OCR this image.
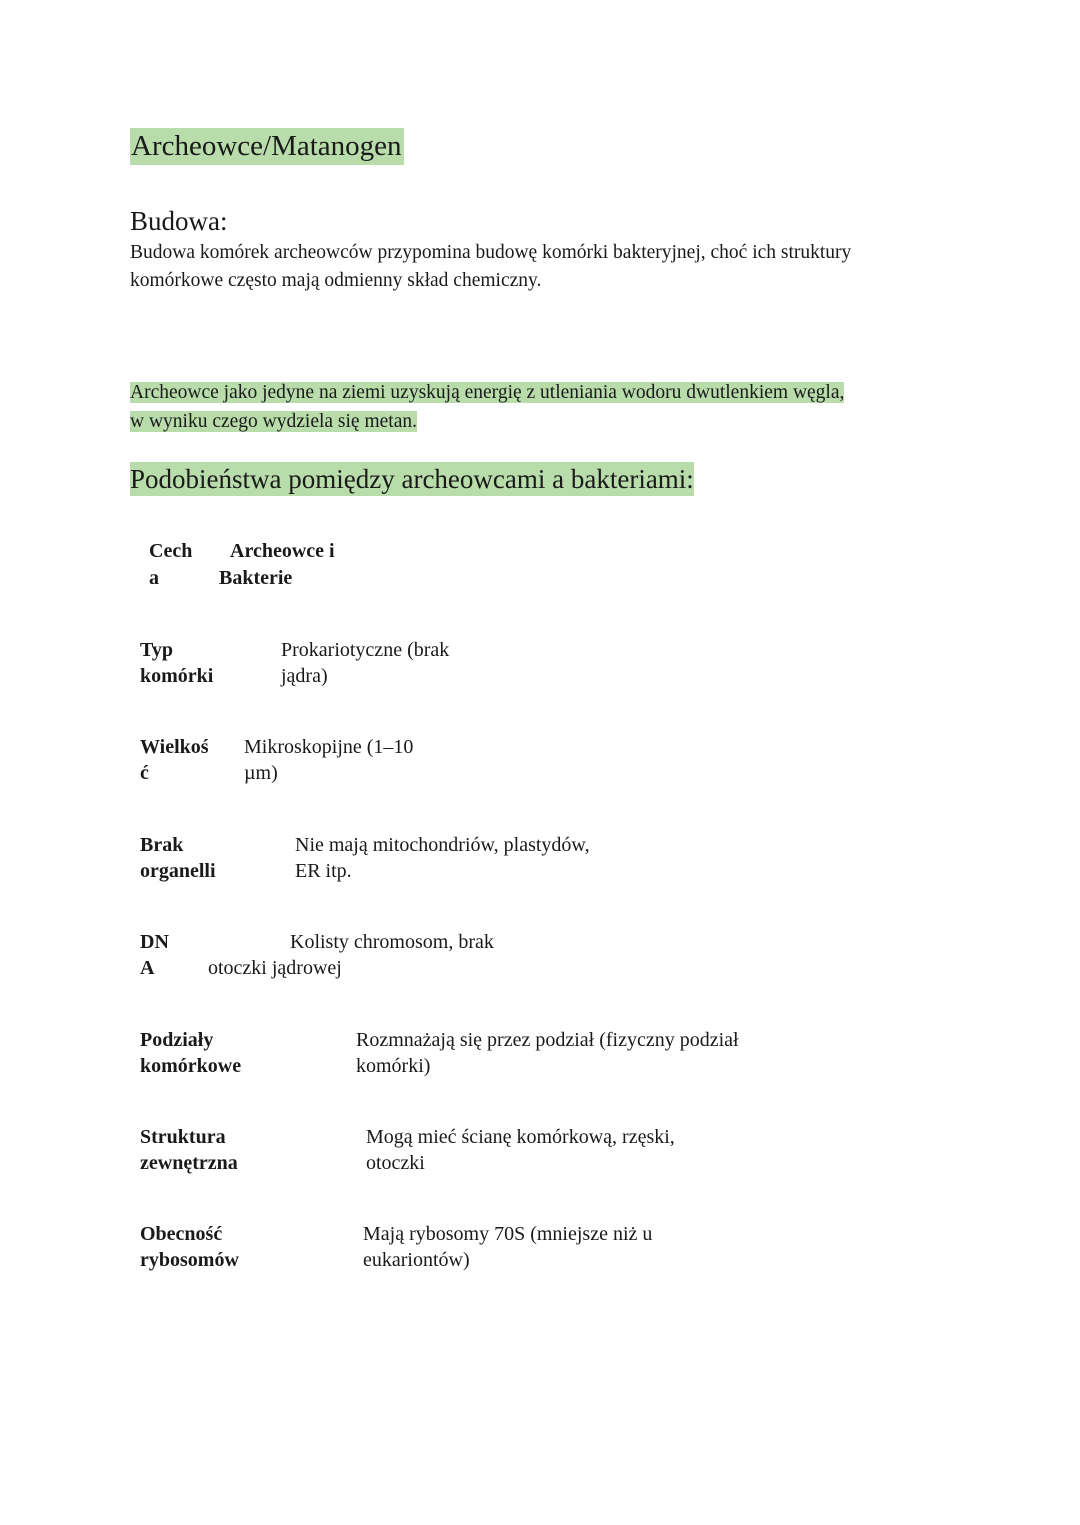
Archeowce/Matanogen
Budowa:
Budowa komórek archeowców przypomina budowę komórki bakteryjnej, choć ich struktury
komórkowe często mają odmienny skład chemiczny.
Archeowce jako jedyne na ziemi uzyskują energię z utleniania wodoru dwutlenkiem węgla,
w wyniku czego wydziela się metan.
Podobieństwa pomiędzy archeowcami a bakteriami:
Cech
a
Archeowce i
Bakterie
Typ
komórki
Prokariotyczne (brak
jądra)
Wielkoś
ć
Mikroskopijne (1–10
µm)
Brak
organelli
Nie mają mitochondriów, plastydów,
ER itp.
DN
A
Kolisty chromosom, brak
otoczki jądrowej
Podziały
komórkowe
Rozmnażają się przez podział (fizyczny podział
komórki)
Struktura
zewnętrzna
Mogą mieć ścianę komórkową, rzęski,
otoczki
Obecność
rybosomów
Mają rybosomy 70S (mniejsze niż u
eukariontów)
